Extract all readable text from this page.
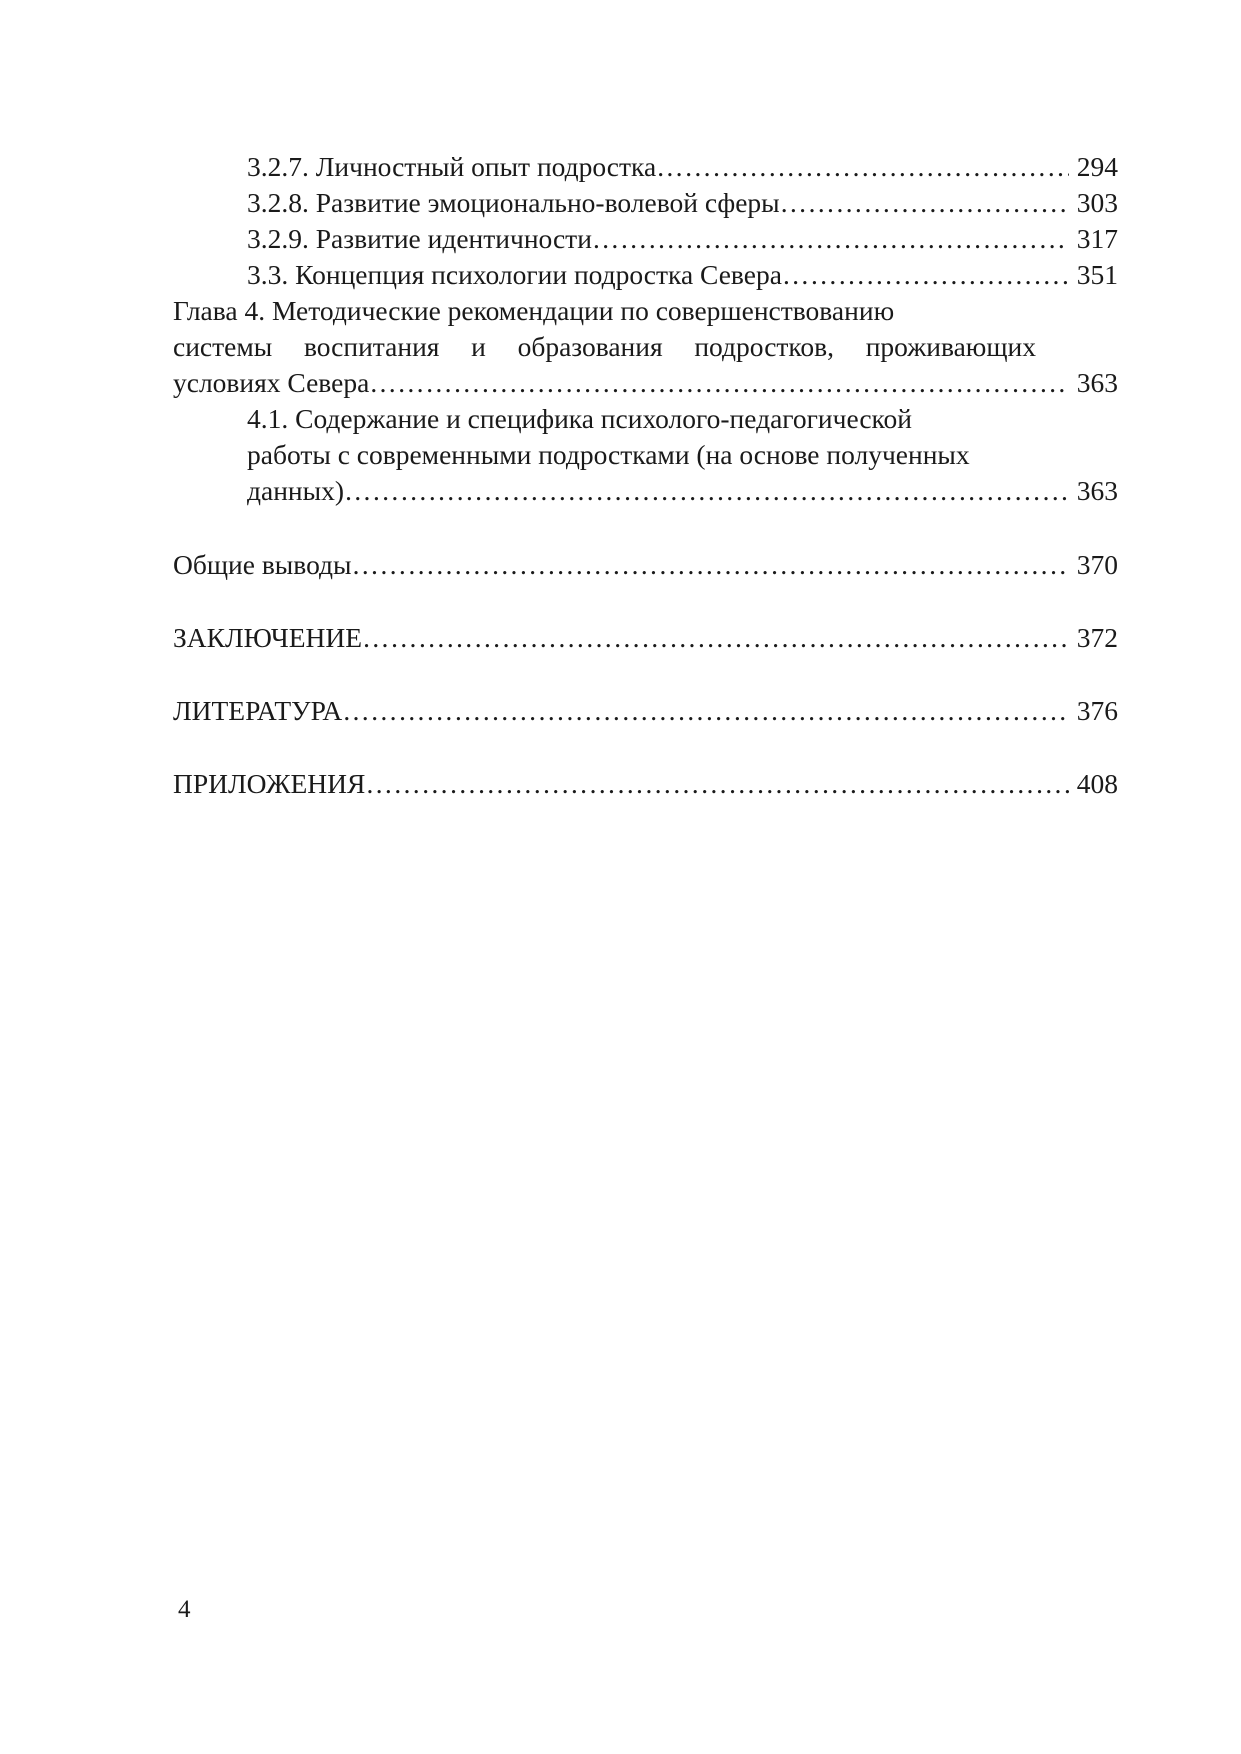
3.2.7. Личностный опыт подростка …………………………………………………………………………………………………………………………………………………………………………………………………………………………	294
3.2.8. Развитие эмоционально-волевой сферы …………………………………………………………………………………………………………………………………………………………………………………………………………………………	303
3.2.9. Развитие идентичности …………………………………………………………………………………………………………………………………………………………………………………………………………………………	317
3.3. Концепция психологии подростка Севера …………………………………………………………………………………………………………………………………………………………………………………………………………………………	351
Глава 4. Методические рекомендации по совершенствованию
системы воспитания и образования подростков, проживающих
условиях Севера …………………………………………………………………………………………………………………………………………………………………………………………………………………………	363
4.1. Содержание и специфика психолого-педагогической
работы с современными подростками (на основе полученных
данных) …………………………………………………………………………………………………………………………………………………………………………………………………………………………	363
Общие выводы …………………………………………………………………………………………………………………………………………………………………………………………………………………………	370
ЗАКЛЮЧЕНИЕ …………………………………………………………………………………………………………………………………………………………………………………………………………………………	372
ЛИТЕРАТУРА …………………………………………………………………………………………………………………………………………………………………………………………………………………………	376
ПРИЛОЖЕНИЯ …………………………………………………………………………………………………………………………………………………………………………………………………………………………	408
4
